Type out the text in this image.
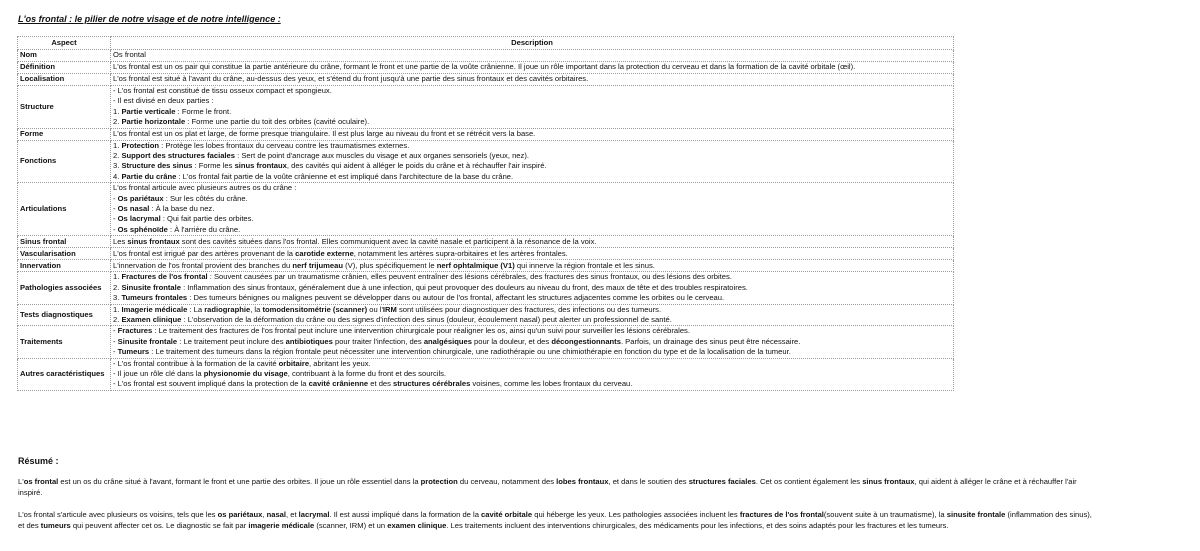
L'os frontal : le pilier de notre visage et de notre intelligence :
Aspect	Description
Nom	Os frontal

Définition	L'os frontal est un os pair qui constitue la partie antérieure du crâne, formant le front et une partie de la voûte crânienne. Il joue un rôle important dans la protection du cerveau et dans la formation de la cavité orbitale (œil).

Localisation	L'os frontal est situé à l'avant du crâne, au-dessus des yeux, et s'étend du front jusqu'à une partie des sinus frontaux et des cavités orbitaires.

Structure	- L'os frontal est constitué de tissu osseux compact et spongieux.
- Il est divisé en deux parties :
1. Partie verticale : Forme le front.
2. Partie horizontale : Forme une partie du toit des orbites (cavité oculaire).

Forme	L'os frontal est un os plat et large, de forme presque triangulaire. Il est plus large au niveau du front et se rétrécit vers la base.

Fonctions	1. Protection : Protège les lobes frontaux du cerveau contre les traumatismes externes.
2. Support des structures faciales : Sert de point d'ancrage aux muscles du visage et aux organes sensoriels (yeux, nez).
3. Structure des sinus : Forme les sinus frontaux, des cavités qui aident à alléger le poids du crâne et à réchauffer l'air inspiré.
4. Partie du crâne : L'os frontal fait partie de la voûte crânienne et est impliqué dans l'architecture de la base du crâne.

Articulations	L'os frontal articule avec plusieurs autres os du crâne :
- Os pariétaux : Sur les côtés du crâne.
- Os nasal : À la base du nez.
- Os lacrymal : Qui fait partie des orbites.
- Os sphénoïde : À l'arrière du crâne.

Sinus frontal	Les sinus frontaux sont des cavités situées dans l'os frontal. Elles communiquent avec la cavité nasale et participent à la résonance de la voix.

Vascularisation	L'os frontal est irrigué par des artères provenant de la carotide externe, notamment les artères supra-orbitaires et les artères frontales.

Innervation	L'innervation de l'os frontal provient des branches du nerf trijumeau (V), plus spécifiquement le nerf ophtalmique (V1) qui innerve la région frontale et les sinus.

Pathologies associées	1. Fractures de l'os frontal : Souvent causées par un traumatisme crânien, elles peuvent entraîner des lésions cérébrales, des fractures des sinus frontaux, ou des lésions des orbites.
2. Sinusite frontale : Inflammation des sinus frontaux, généralement due à une infection, qui peut provoquer des douleurs au niveau du front, des maux de tête et des troubles respiratoires.
3. Tumeurs frontales : Des tumeurs bénignes ou malignes peuvent se développer dans ou autour de l'os frontal, affectant les structures adjacentes comme les orbites ou le cerveau.

Tests diagnostiques	1. Imagerie médicale : La radiographie, la tomodensitométrie (scanner) ou l'IRM sont utilisées pour diagnostiquer des fractures, des infections ou des tumeurs.
2. Examen clinique : L'observation de la déformation du crâne ou des signes d'infection des sinus (douleur, écoulement nasal) peut alerter un professionnel de santé.

Traitements	- Fractures : Le traitement des fractures de l'os frontal peut inclure une intervention chirurgicale pour réaligner les os, ainsi qu'un suivi pour surveiller les lésions cérébrales.
- Sinusite frontale : Le traitement peut inclure des antibiotiques pour traiter l'infection, des analgésiques pour la douleur, et des décongestionnants. Parfois, un drainage des sinus peut être nécessaire.
- Tumeurs : Le traitement des tumeurs dans la région frontale peut nécessiter une intervention chirurgicale, une radiothérapie ou une chimiothérapie en fonction du type et de la localisation de la tumeur.

Autres caractéristiques	- L'os frontal contribue à la formation de la cavité orbitaire, abritant les yeux.
- Il joue un rôle clé dans la physionomie du visage, contribuant à la forme du front et des sourcils.
- L'os frontal est souvent impliqué dans la protection de la cavité crânienne et des structures cérébrales voisines, comme les lobes frontaux du cerveau.
Résumé :

L'os frontal est un os du crâne situé à l'avant, formant le front et une partie des orbites. Il joue un rôle essentiel dans la protection du cerveau, notamment des lobes frontaux, et dans le soutien des structures faciales. Cet os contient également les sinus frontaux, qui aident à alléger le crâne et à réchauffer l'air inspiré.

L'os frontal s'articule avec plusieurs os voisins, tels que les os pariétaux, nasal, et lacrymal. Il est aussi impliqué dans la formation de la cavité orbitale qui héberge les yeux. Les pathologies associées incluent les fractures de l'os frontal(souvent suite à un traumatisme), la sinusite frontale (inflammation des sinus), et des tumeurs qui peuvent affecter cet os. Le diagnostic se fait par imagerie médicale (scanner, IRM) et un examen clinique. Les traitements incluent des interventions chirurgicales, des médicaments pour les infections, et des soins adaptés pour les fractures et les tumeurs.
